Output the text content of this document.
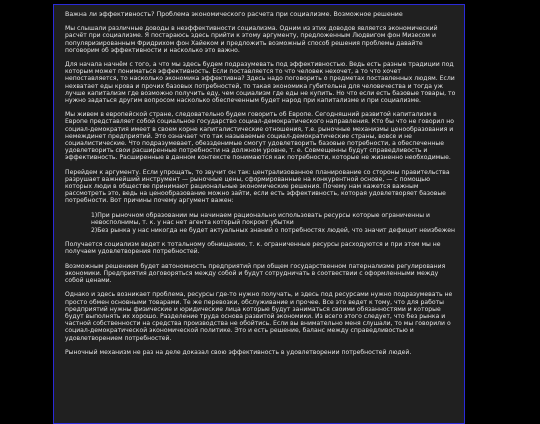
Важна ли эффективность? Проблема экономического расчета при социализме. Возможное решение

Мы слышали различные доводы в неэффективности социализма. Одним из этих доводов является экономический расчёт при социализме. Я постараюсь здесь прийти к этому аргументу, предложенным Людвигом фон Мизесом и популяризированным Фридрихом фон Хайеком и предложить возможный способ решения проблемы давайте поговорим об эффективности и насколько это важно.

Для начала начнём с того, а что мы здесь будем подразумевать под эффективностью. Ведь есть разные традиции под которым может пониматься эффективность. Если поставляется то что человек нехочет, а то что хочет непоставляется, то насколько экономика эффективна? Здесь надо поговорить о предметах поставленных людям. Если нехватает еды крова и прочих базовых потребностей, то такая экономика губительна для человечества и тогда уж лучше капитализм где возможно получить еду, чем социализм где еды не купить. Но что если есть базовые товары, то нужно задаться другим вопросом насколько обеспеченным будет народ при капитализме и при социализме.

Мы живем в европейской стране, следовательно будем говорить об Европе. Сегодняшний развитой капитализм в Европе представляет собой социальное государство социал-демократического направления. Кто бы что не говорил но социал-демократия имеет в своем корне капиталистические отношения, т.е. рыночные механизмы ценообразования и немеждинет предприятий. Это означает что так называемые социал-демократические страны, вовсе и не социалистические. Что подразумевает, обеззденимые смогут удовлетворить базовые потребности, а обеспеченные удовлетворить свои расширенные потребности на должном уровне, т. е. Совмещенны будут справедливость и эффективность. Расширенные в данном контексте понимаются как потребности, которые не жизненно необходимые.

Перейдем к аргументу. Если упрощать, то звучит он так: централизованное планирование со стороны правительства разрушает важнейший инструмент — рыночные цены, сформированные на конкурентной основе, — с помощью которых люди в обществе принимают рациональные экономические решения. Почему нам кажется важным рассмотреть это, ведь на ценообразование можно зайти, если есть эффективность, которая удовлетворяет базовые потребности. Вот причины почему аргумент важен:

1)При рыночном образовании мы начинаем рационально использовать ресурсы которые ограниченны и невосполнимы, т. к. у нас нет агента который покроет убытки
2)Без рынка у нас никогда не будет актуальных знаний о потребностях людей, что значит дефицит неизбежен

Получается социализм ведет к тотальному обнищанию, т. к. ограниченные ресурсы расходуются и при этом мы не получаем удовлетворения потребностей.

Возможным решением будет автономность предприятий при общем государственном патернализме регулирования экономики. Предприятия договоряться между собой и будут сотрудничать в соотвествии с оформленными между собой ценами.

Однако и здесь возникает проблема, ресурсы где-то нужно получать, и здесь под ресурсами нужно подразумевать не просто обмен основными товарами. Те же перевозки, обслуживание и прочее. Все это ведет к тому, что для работы предприятий нужны физические и юридические лица которые будут заниматься своими обязанностями и которые будут выполнять их хорошо. Разделение труда основа развитой экономики. Из всего этого следует, что без рынка и частной собственности на средства производства не обойтись. Если вы внимательно меня слушали, то мы говорили о социал-демократической экономической политике. Это и есть решение, баланс между справедливостью и удовлетворением потребностей.

Рыночный механизм не раз на деле доказал свою эффективность в удовлетворении потребностей людей.
